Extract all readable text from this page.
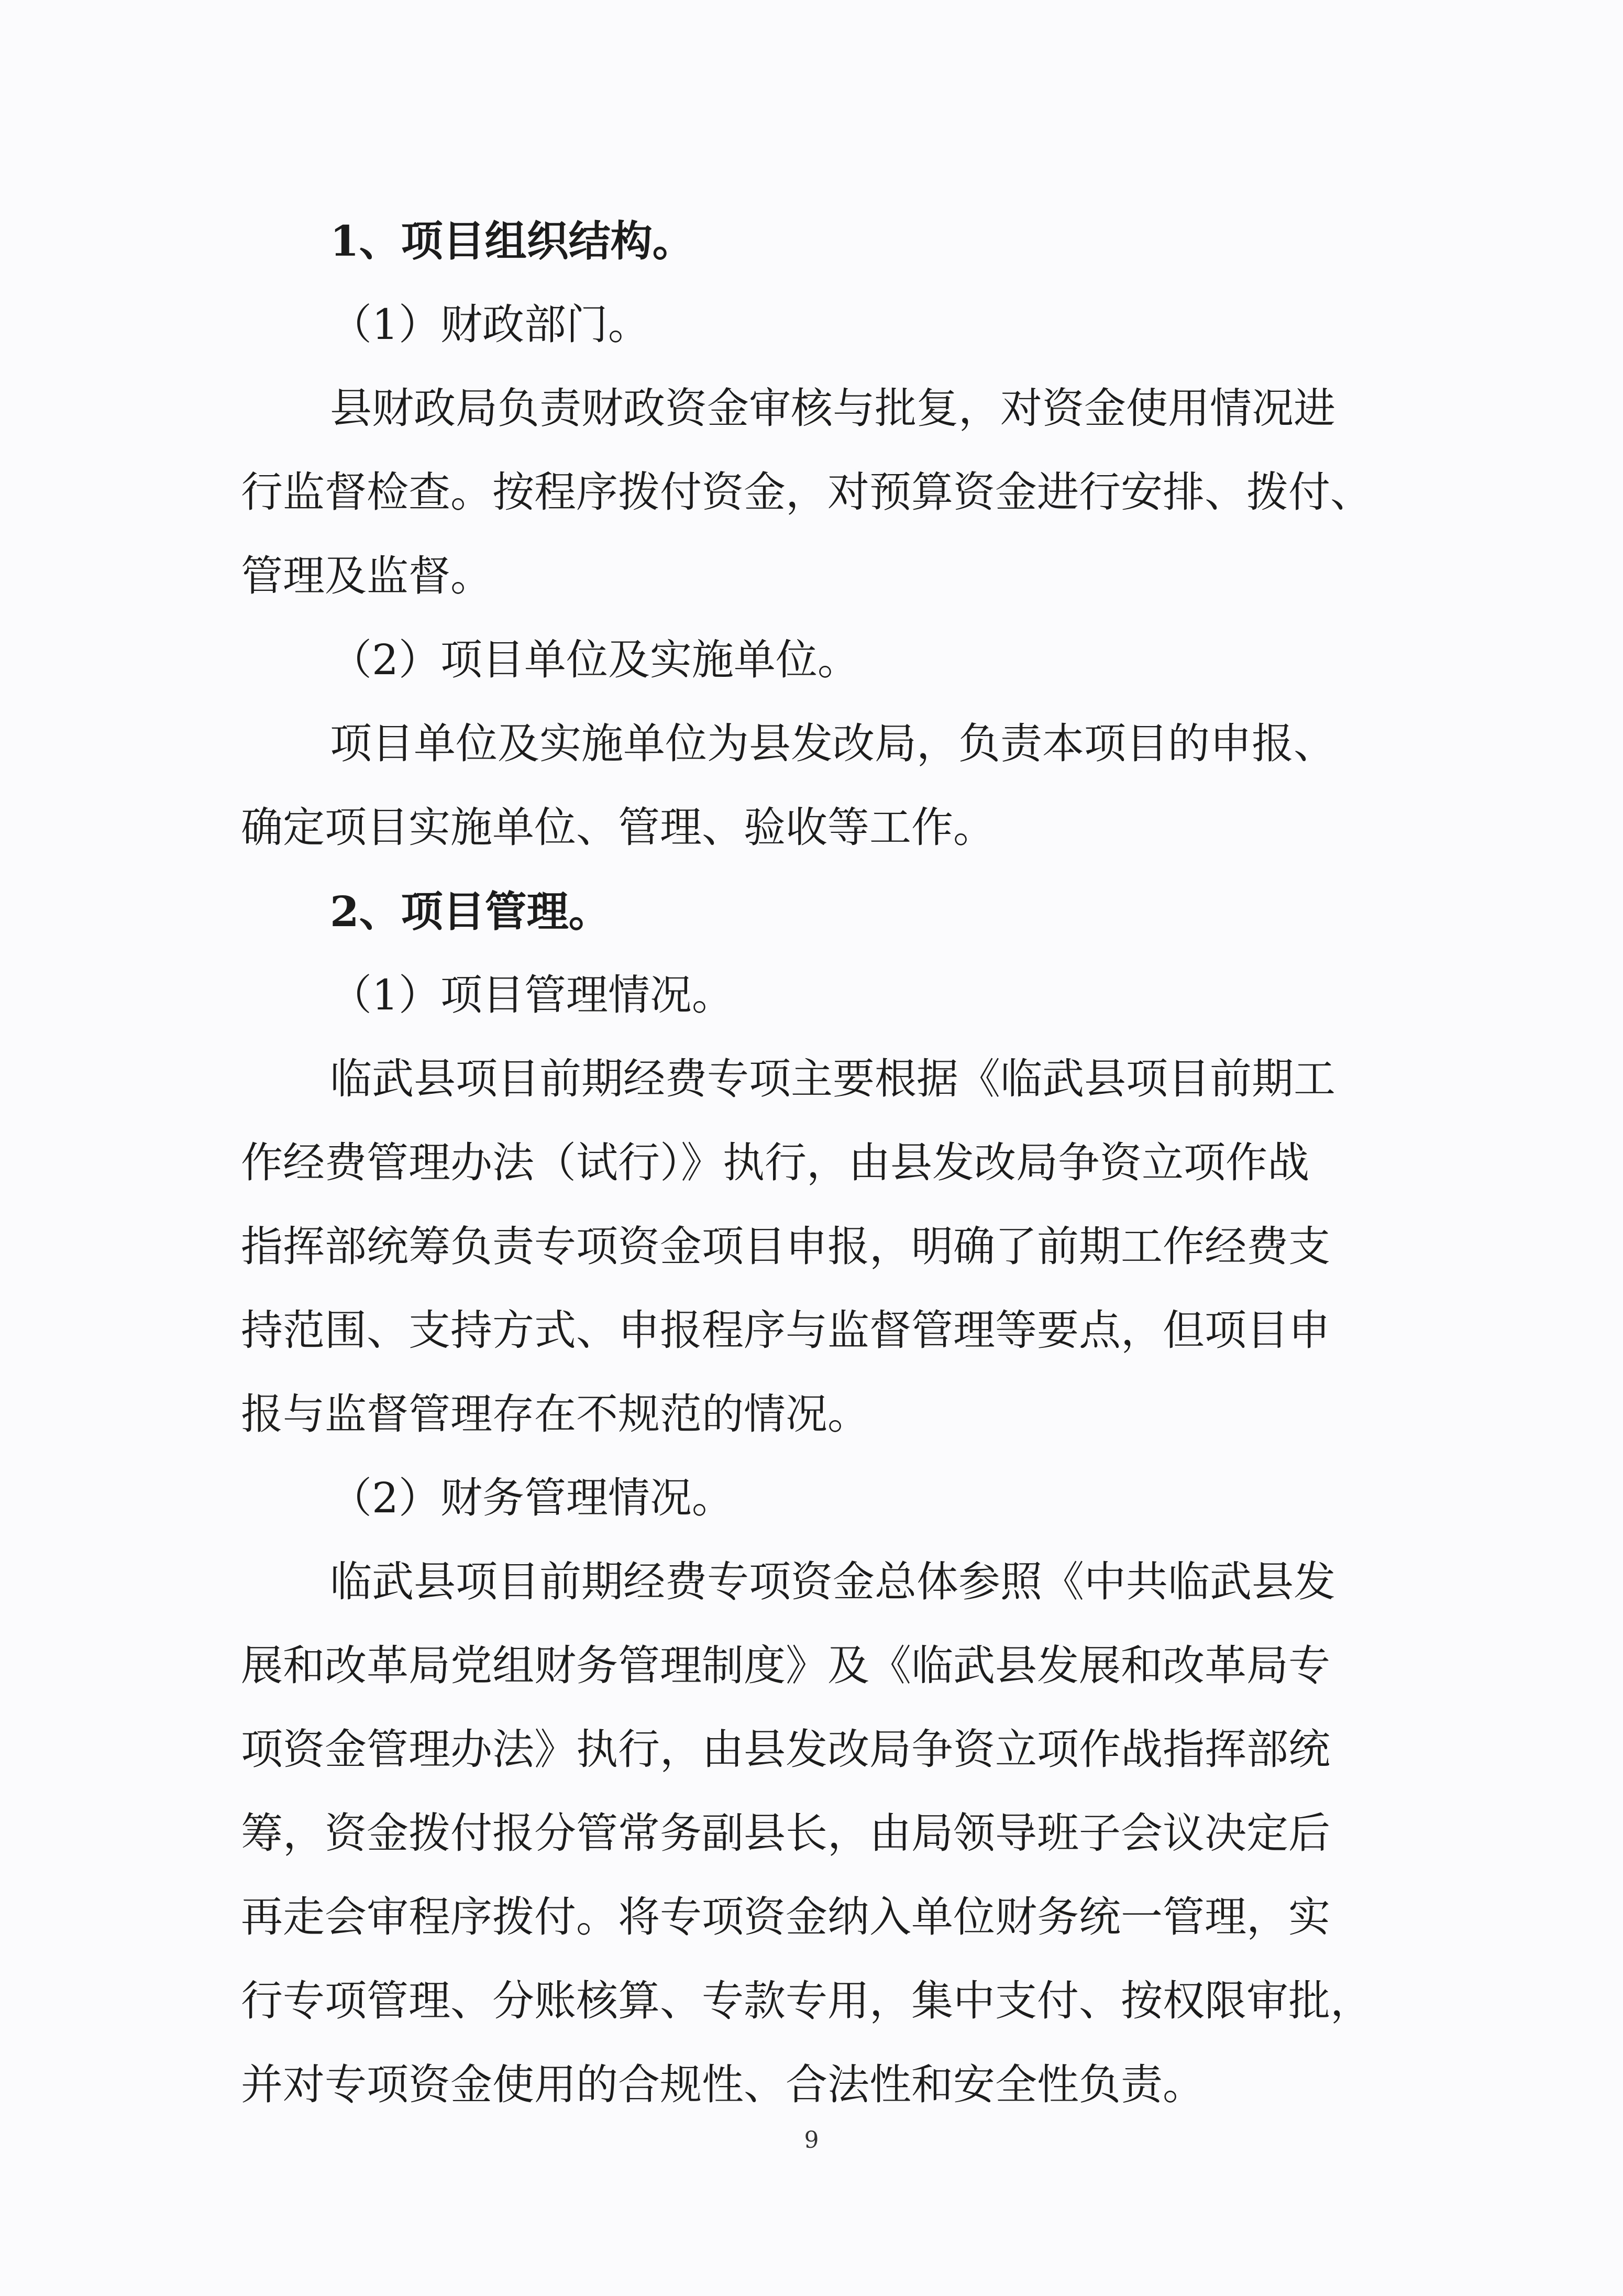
1、项目组织结构。

（1）财政部门。

县财政局负责财政资金审核与批复，对资金使用情况进

行监督检查。按程序拨付资金，对预算资金进行安排、拨付、

管理及监督。

（2）项目单位及实施单位。

项目单位及实施单位为县发改局，负责本项目的申报、

确定项目实施单位、管理、验收等工作。

2、项目管理。

（1）项目管理情况。

临武县项目前期经费专项主要根据《临武县项目前期工

作经费管理办法（试行）》执行，由县发改局争资立项作战

指挥部统筹负责专项资金项目申报，明确了前期工作经费支

持范围、支持方式、申报程序与监督管理等要点，但项目申

报与监督管理存在不规范的情况。

（2）财务管理情况。

临武县项目前期经费专项资金总体参照《中共临武县发

展和改革局党组财务管理制度》及《临武县发展和改革局专

项资金管理办法》执行，由县发改局争资立项作战指挥部统

筹，资金拨付报分管常务副县长，由局领导班子会议决定后

再走会审程序拨付。将专项资金纳入单位财务统一管理，实

行专项管理、分账核算、专款专用，集中支付、按权限审批，

并对专项资金使用的合规性、合法性和安全性负责。

9
